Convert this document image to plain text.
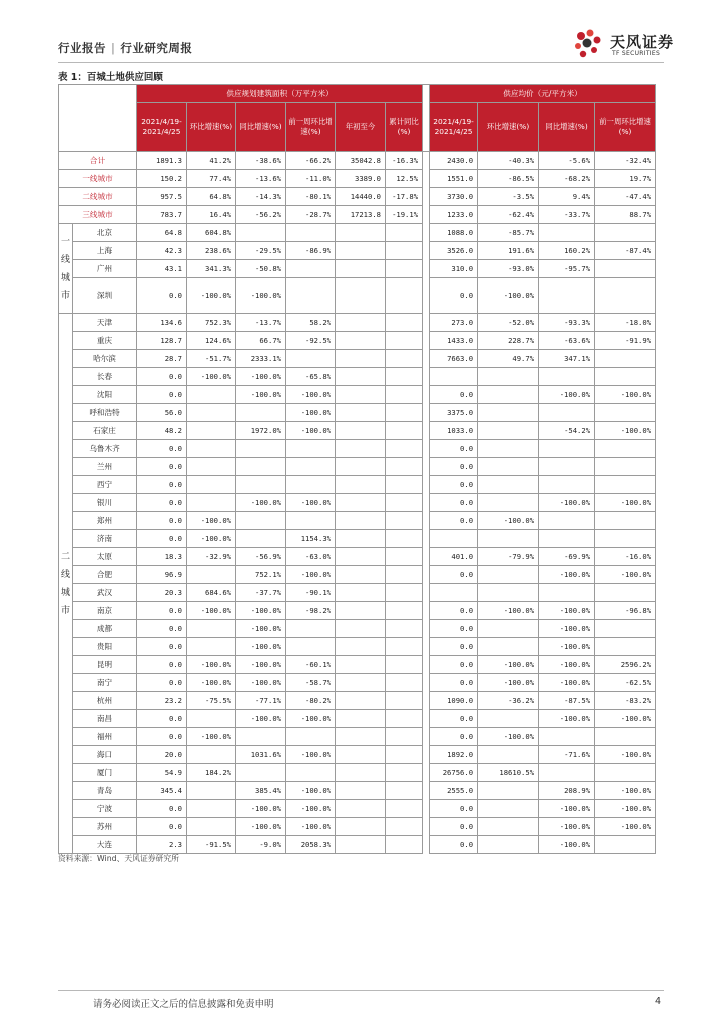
行业报告 | 行业研究周报	天风证券
TF SECURITIES
表 1：百城土地供应回顾
		供应规划建筑面积（万平方米）							供应均价（元/平方米）			
		2021/4/19-2021/4/25	环比增速(%)	同比增速(%)	前一周环比增速(%)	年初至今	累计同比(%)		2021/4/19-2021/4/25	环比增速(%)	同比增速(%)	前一周环比增速(%)
合计		1891.3	41.2%	-38.6%	-66.2%	35042.8	-16.3%		2430.0	-40.3%	-5.6%	-32.4%
一线城市		150.2	77.4%	-13.6%	-11.0%	3389.0	12.5%		1551.0	-86.5%	-68.2%	19.7%
二线城市		957.5	64.8%	-14.3%	-80.1%	14440.0	-17.8%		3730.0	-3.5%	9.4%	-47.4%
三线城市		783.7	16.4%	-56.2%	-28.7%	17213.8	-19.1%		1233.0	-62.4%	-33.7%	88.7%
一线城市	北京	64.8	604.8%						1088.0	-85.7%		
	上海	42.3	238.6%	-29.5%	-86.9%				3526.0	191.6%	160.2%	-87.4%
	广州	43.1	341.3%	-50.8%					310.0	-93.0%	-95.7%	
	深圳	0.0	-100.0%	-100.0%					0.0	-100.0%		
二线城市	天津	134.6	752.3%	-13.7%	58.2%				273.0	-52.0%	-93.3%	-18.0%
	重庆	128.7	124.6%	66.7%	-92.5%				1433.0	228.7%	-63.6%	-91.9%
	哈尔滨	28.7	-51.7%	2333.1%					7663.0	49.7%	347.1%	
	长春	0.0	-100.0%	-100.0%	-65.8%							
	沈阳	0.0		-100.0%	-100.0%				0.0		-100.0%	-100.0%
	呼和浩特	56.0			-100.0%				3375.0			
	石家庄	48.2		1972.0%	-100.0%				1033.0		-54.2%	-100.0%
	乌鲁木齐	0.0							0.0			
	兰州	0.0							0.0			
	西宁	0.0							0.0			
	银川	0.0		-100.0%	-100.0%				0.0		-100.0%	-100.0%
	郑州	0.0	-100.0%						0.0	-100.0%		
	济南	0.0	-100.0%		1154.3%							
	太原	18.3	-32.9%	-56.9%	-63.0%				401.0	-79.9%	-69.9%	-16.0%
	合肥	96.9		752.1%	-100.0%				0.0		-100.0%	-100.0%
	武汉	20.3	684.6%	-37.7%	-90.1%							
	南京	0.0	-100.0%	-100.0%	-98.2%				0.0	-100.0%	-100.0%	-96.8%
	成都	0.0		-100.0%					0.0		-100.0%	
	贵阳	0.0		-100.0%					0.0		-100.0%	
	昆明	0.0	-100.0%	-100.0%	-60.1%				0.0	-100.0%	-100.0%	2596.2%
	南宁	0.0	-100.0%	-100.0%	-58.7%				0.0	-100.0%	-100.0%	-62.5%
	杭州	23.2	-75.5%	-77.1%	-80.2%				1090.0	-36.2%	-87.5%	-83.2%
	南昌	0.0		-100.0%	-100.0%				0.0		-100.0%	-100.0%
	福州	0.0	-100.0%						0.0	-100.0%		
	海口	20.0		1031.6%	-100.0%				1892.0		-71.6%	-100.0%
	厦门	54.9	184.2%						26756.0	18610.5%		
	青岛	345.4		385.4%	-100.0%				2555.0		208.9%	-100.0%
	宁波	0.0		-100.0%	-100.0%				0.0		-100.0%	-100.0%
	苏州	0.0		-100.0%	-100.0%				0.0		-100.0%	-100.0%
	大连	2.3	-91.5%	-9.0%	2058.3%				0.0		-100.0%	
资料来源：Wind、天风证券研究所
请务必阅读正文之后的信息披露和免责申明	4
